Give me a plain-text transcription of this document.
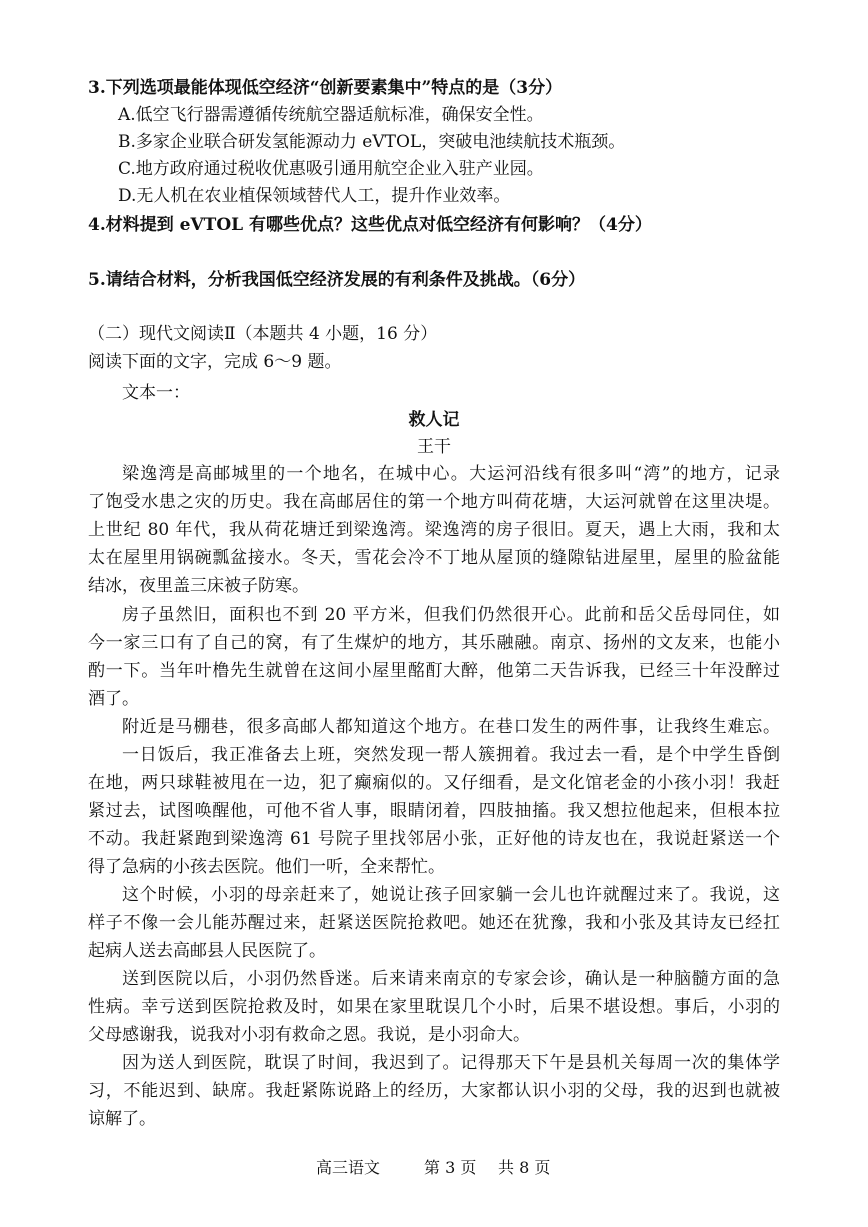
3.下列选项最能体现低空经济“创新要素集中”特点的是（3分）
A.低空飞行器需遵循传统航空器适航标准，确保安全性。
B.多家企业联合研发氢能源动力 eVTOL，突破电池续航技术瓶颈。
C.地方政府通过税收优惠吸引通用航空企业入驻产业园。
D.无人机在农业植保领域替代人工，提升作业效率。
4.材料提到 eVTOL 有哪些优点？这些优点对低空经济有何影响？（4分）
5.请结合材料，分析我国低空经济发展的有利条件及挑战。（6分）
（二）现代文阅读Ⅱ（本题共 4 小题，16 分）
阅读下面的文字，完成 6～9 题。
文本一：
救人记
王干
梁逸湾是高邮城里的一个地名，在城中心。大运河沿线有很多叫“湾”的地方，记录
了饱受水患之灾的历史。我在高邮居住的第一个地方叫荷花塘，大运河就曾在这里决堤。
上世纪 80 年代，我从荷花塘迁到梁逸湾。梁逸湾的房子很旧。夏天，遇上大雨，我和太
太在屋里用锅碗瓢盆接水。冬天，雪花会冷不丁地从屋顶的缝隙钻进屋里，屋里的脸盆能
结冰，夜里盖三床被子防寒。
房子虽然旧，面积也不到 20 平方米，但我们仍然很开心。此前和岳父岳母同住，如
今一家三口有了自己的窝，有了生煤炉的地方，其乐融融。南京、扬州的文友来，也能小
酌一下。当年叶橹先生就曾在这间小屋里酩酊大醉，他第二天告诉我，已经三十年没醉过
酒了。
附近是马棚巷，很多高邮人都知道这个地方。在巷口发生的两件事，让我终生难忘。
一日饭后，我正准备去上班，突然发现一帮人簇拥着。我过去一看，是个中学生昏倒
在地，两只球鞋被甩在一边，犯了癫痫似的。又仔细看，是文化馆老金的小孩小羽！我赶
紧过去，试图唤醒他，可他不省人事，眼睛闭着，四肢抽搐。我又想拉他起来，但根本拉
不动。我赶紧跑到梁逸湾 61 号院子里找邻居小张，正好他的诗友也在，我说赶紧送一个
得了急病的小孩去医院。他们一听，全来帮忙。
这个时候，小羽的母亲赶来了，她说让孩子回家躺一会儿也许就醒过来了。我说，这
样子不像一会儿能苏醒过来，赶紧送医院抢救吧。她还在犹豫，我和小张及其诗友已经扛
起病人送去高邮县人民医院了。
送到医院以后，小羽仍然昏迷。后来请来南京的专家会诊，确认是一种脑髓方面的急
性病。幸亏送到医院抢救及时，如果在家里耽误几个小时，后果不堪设想。事后，小羽的
父母感谢我，说我对小羽有救命之恩。我说，是小羽命大。
因为送人到医院，耽误了时间，我迟到了。记得那天下午是县机关每周一次的集体学
习，不能迟到、缺席。我赶紧陈说路上的经历，大家都认识小羽的父母，我的迟到也就被
谅解了。
高三语文	第 3 页 共 8 页
